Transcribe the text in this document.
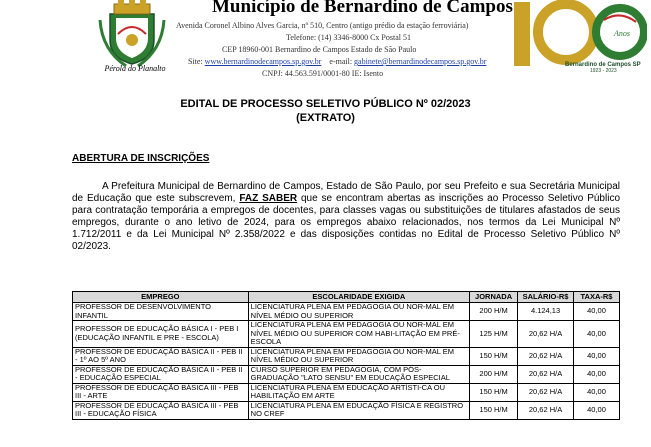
Pérola do Planalto
Município de Bernardino de Campos
Avenida Coronel Albino Alves Garcia, nº 510, Centro (antigo prédio da estação ferroviária)
Telefone: (14) 3346-8000 Cx Postal 51
CEP 18960-001 Bernardino de Campos Estado de São Paulo
Site: www.bernardinodecampos.sp.gov.br e-mail: gabinete@bernardinodecampos.sp.gov.br
CNPJ: 44.563.591/0001-80 IE: Isento
Anos
Bernardino de Campos SP
1923 - 2023
EDITAL DE PROCESSO SELETIVO PÚBLICO Nº 02/2023
(EXTRATO)
ABERTURA DE INSCRIÇÕES
A Prefeitura Municipal de Bernardino de Campos, Estado de São Paulo, por seu Prefeito e sua Secretária Municipal de Educação que este subscrevem, FAZ SABER que se encontram abertas as inscrições ao Processo Seletivo Público para contratação temporária a empregos de docentes, para classes vagas ou substituições de titulares afastados de seus empregos, durante o ano letivo de 2024, para os empregos abaixo relacionados, nos termos da Lei Municipal Nº 1.712/2011 e da Lei Municipal Nº 2.358/2022 e das disposições contidas no Edital de Processo Seletivo Público Nº 02/2023.
EMPREGO	ESCOLARIDADE EXIGIDA	JORNADA	SALÁRIO-R$	TAXA-R$
PROFESSOR DE DESENVOLVIMENTO INFANTIL	LICENCIATURA PLENA EM PEDAGOGIA OU NOR-MAL EM NÍVEL MÉDIO OU SUPERIOR	200 H/M	4.124,13	40,00
PROFESSOR DE EDUCAÇÃO BÁSICA I - PEB I (EDUCAÇÃO INFANTIL E PRE - ESCOLA)	LICENCIATURA PLENA EM PEDAGOGIA OU NOR-MAL EM NÍVEL MÉDIO OU SUPERIOR COM HABI-LITAÇÃO EM PRÉ-ESCOLA	125 H/M	20,62 H/A	40,00
PROFESSOR DE EDUCAÇÃO BÁSICA II - PEB II - 1º AO 5º ANO	LICENCIATURA PLENA EM PEDAGOGIA OU NOR-MAL EM NÍVEL MÉDIO OU SUPERIOR	150 H/M	20,62 H/A	40,00
PROFESSOR DE EDUCAÇÃO BÁSICA II - PEB II - EDUCAÇÃO ESPECIAL	CURSO SUPERIOR EM PEDAGOGIA, COM PÓS-GRADUAÇÃO "LATO SENSU" EM EDUCAÇÃO ESPECIAL	200 H/M	20,62 H/A	40,00
PROFESSOR DE EDUCAÇÃO BÁSICA III - PEB III - ARTE	LICENCIATURA PLENA EM EDUCAÇÃO ARTÍSTI-CA OU HABILITAÇÃO EM ARTE	150 H/M	20,62 H/A	40,00
PROFESSOR DE EDUCAÇÃO BÁSICA III - PEB III - EDUCAÇÃO FÍSICA	LICENCIATURA PLENA EM EDUCAÇÃO FÍSICA E REGISTRO NO CREF	150 H/M	20,62 H/A	40,00
